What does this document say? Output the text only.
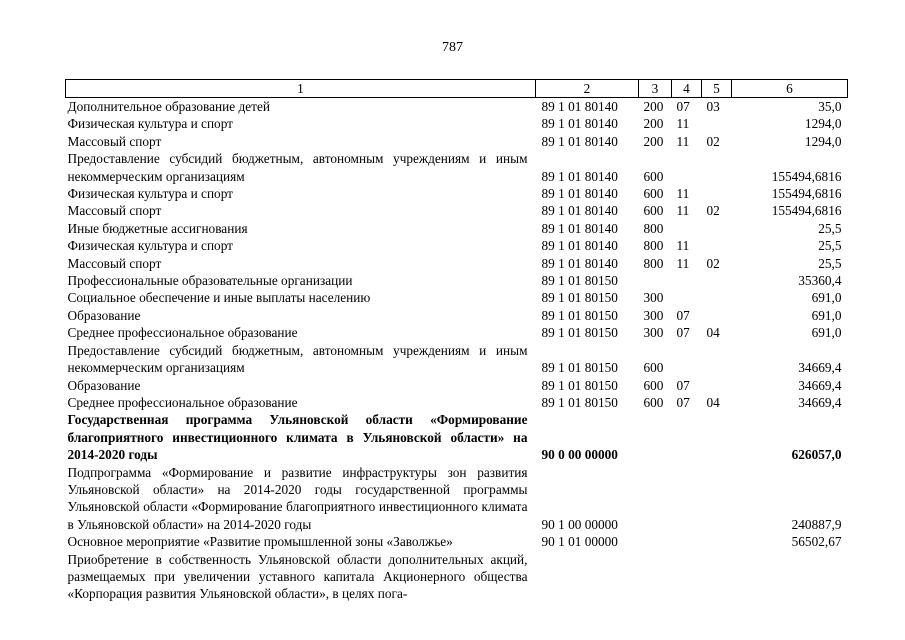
787
1	2	3	4	5	6
Дополнительное образование детей	89 1 01 80140	200	07	03	35,0
Физическая культура и спорт	89 1 01 80140	200	11		1294,0
Массовый спорт	89 1 01 80140	200	11	02	1294,0
Предоставление субсидий бюджетным, автономным учреждениям и иным некоммерческим организациям	89 1 01 80140	600			155494,6816
Физическая культура и спорт	89 1 01 80140	600	11		155494,6816
Массовый спорт	89 1 01 80140	600	11	02	155494,6816
Иные бюджетные ассигнования	89 1 01 80140	800			25,5
Физическая культура и спорт	89 1 01 80140	800	11		25,5
Массовый спорт	89 1 01 80140	800	11	02	25,5
Профессиональные образовательные организации	89 1 01 80150				35360,4
Социальное обеспечение и иные выплаты населению	89 1 01 80150	300			691,0
Образование	89 1 01 80150	300	07		691,0
Среднее профессиональное образование	89 1 01 80150	300	07	04	691,0
Предоставление субсидий бюджетным, автономным учреждениям и иным некоммерческим организациям	89 1 01 80150	600			34669,4
Образование	89 1 01 80150	600	07		34669,4
Среднее профессиональное образование	89 1 01 80150	600	07	04	34669,4
Государственная программа Ульяновской области «Формирование благоприятного инвестиционного климата в Ульяновской области» на 2014-2020 годы	90 0 00 00000				626057,0
Подпрограмма «Формирование и развитие инфраструктуры зон развития Ульяновской области» на 2014-2020 годы государственной программы Ульяновской области «Формирование благоприятного инвестиционного климата в Ульяновской области» на 2014-2020 годы	90 1 00 00000				240887,9
Основное мероприятие «Развитие промышленной зоны «Заволжье»	90 1 01 00000				56502,67
Приобретение в собственность Ульяновской области дополнительных акций, размещаемых при увеличении уставного капитала Акционерного общества «Корпорация развития Ульяновской области», в целях пога-					
